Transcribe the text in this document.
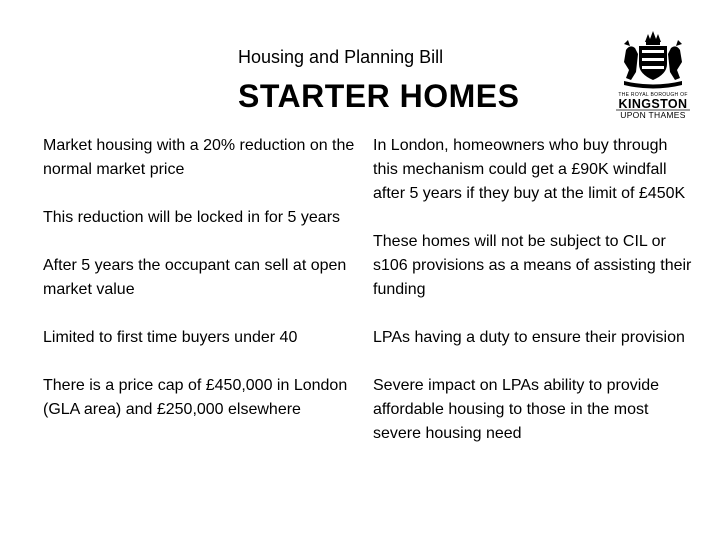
Housing and Planning Bill
STARTER HOMES	THE ROYAL BOROUGH OF
KINGSTON
UPON THAMES

Market housing with a 20% reduction on the normal market price

This reduction will be locked in for 5 years

After 5 years the occupant can sell at open market value

Limited to first time buyers under 40

There is a price cap of £450,000 in London (GLA area) and £250,000 elsewhere

In London, homeowners who buy through this mechanism could get a £90K windfall after 5 years if they buy at the limit of £450K

These homes will not be subject to CIL or s106 provisions as a means of assisting their funding

LPAs having a duty to ensure their provision

Severe impact on LPAs ability to provide affordable housing to those in the most severe housing need
